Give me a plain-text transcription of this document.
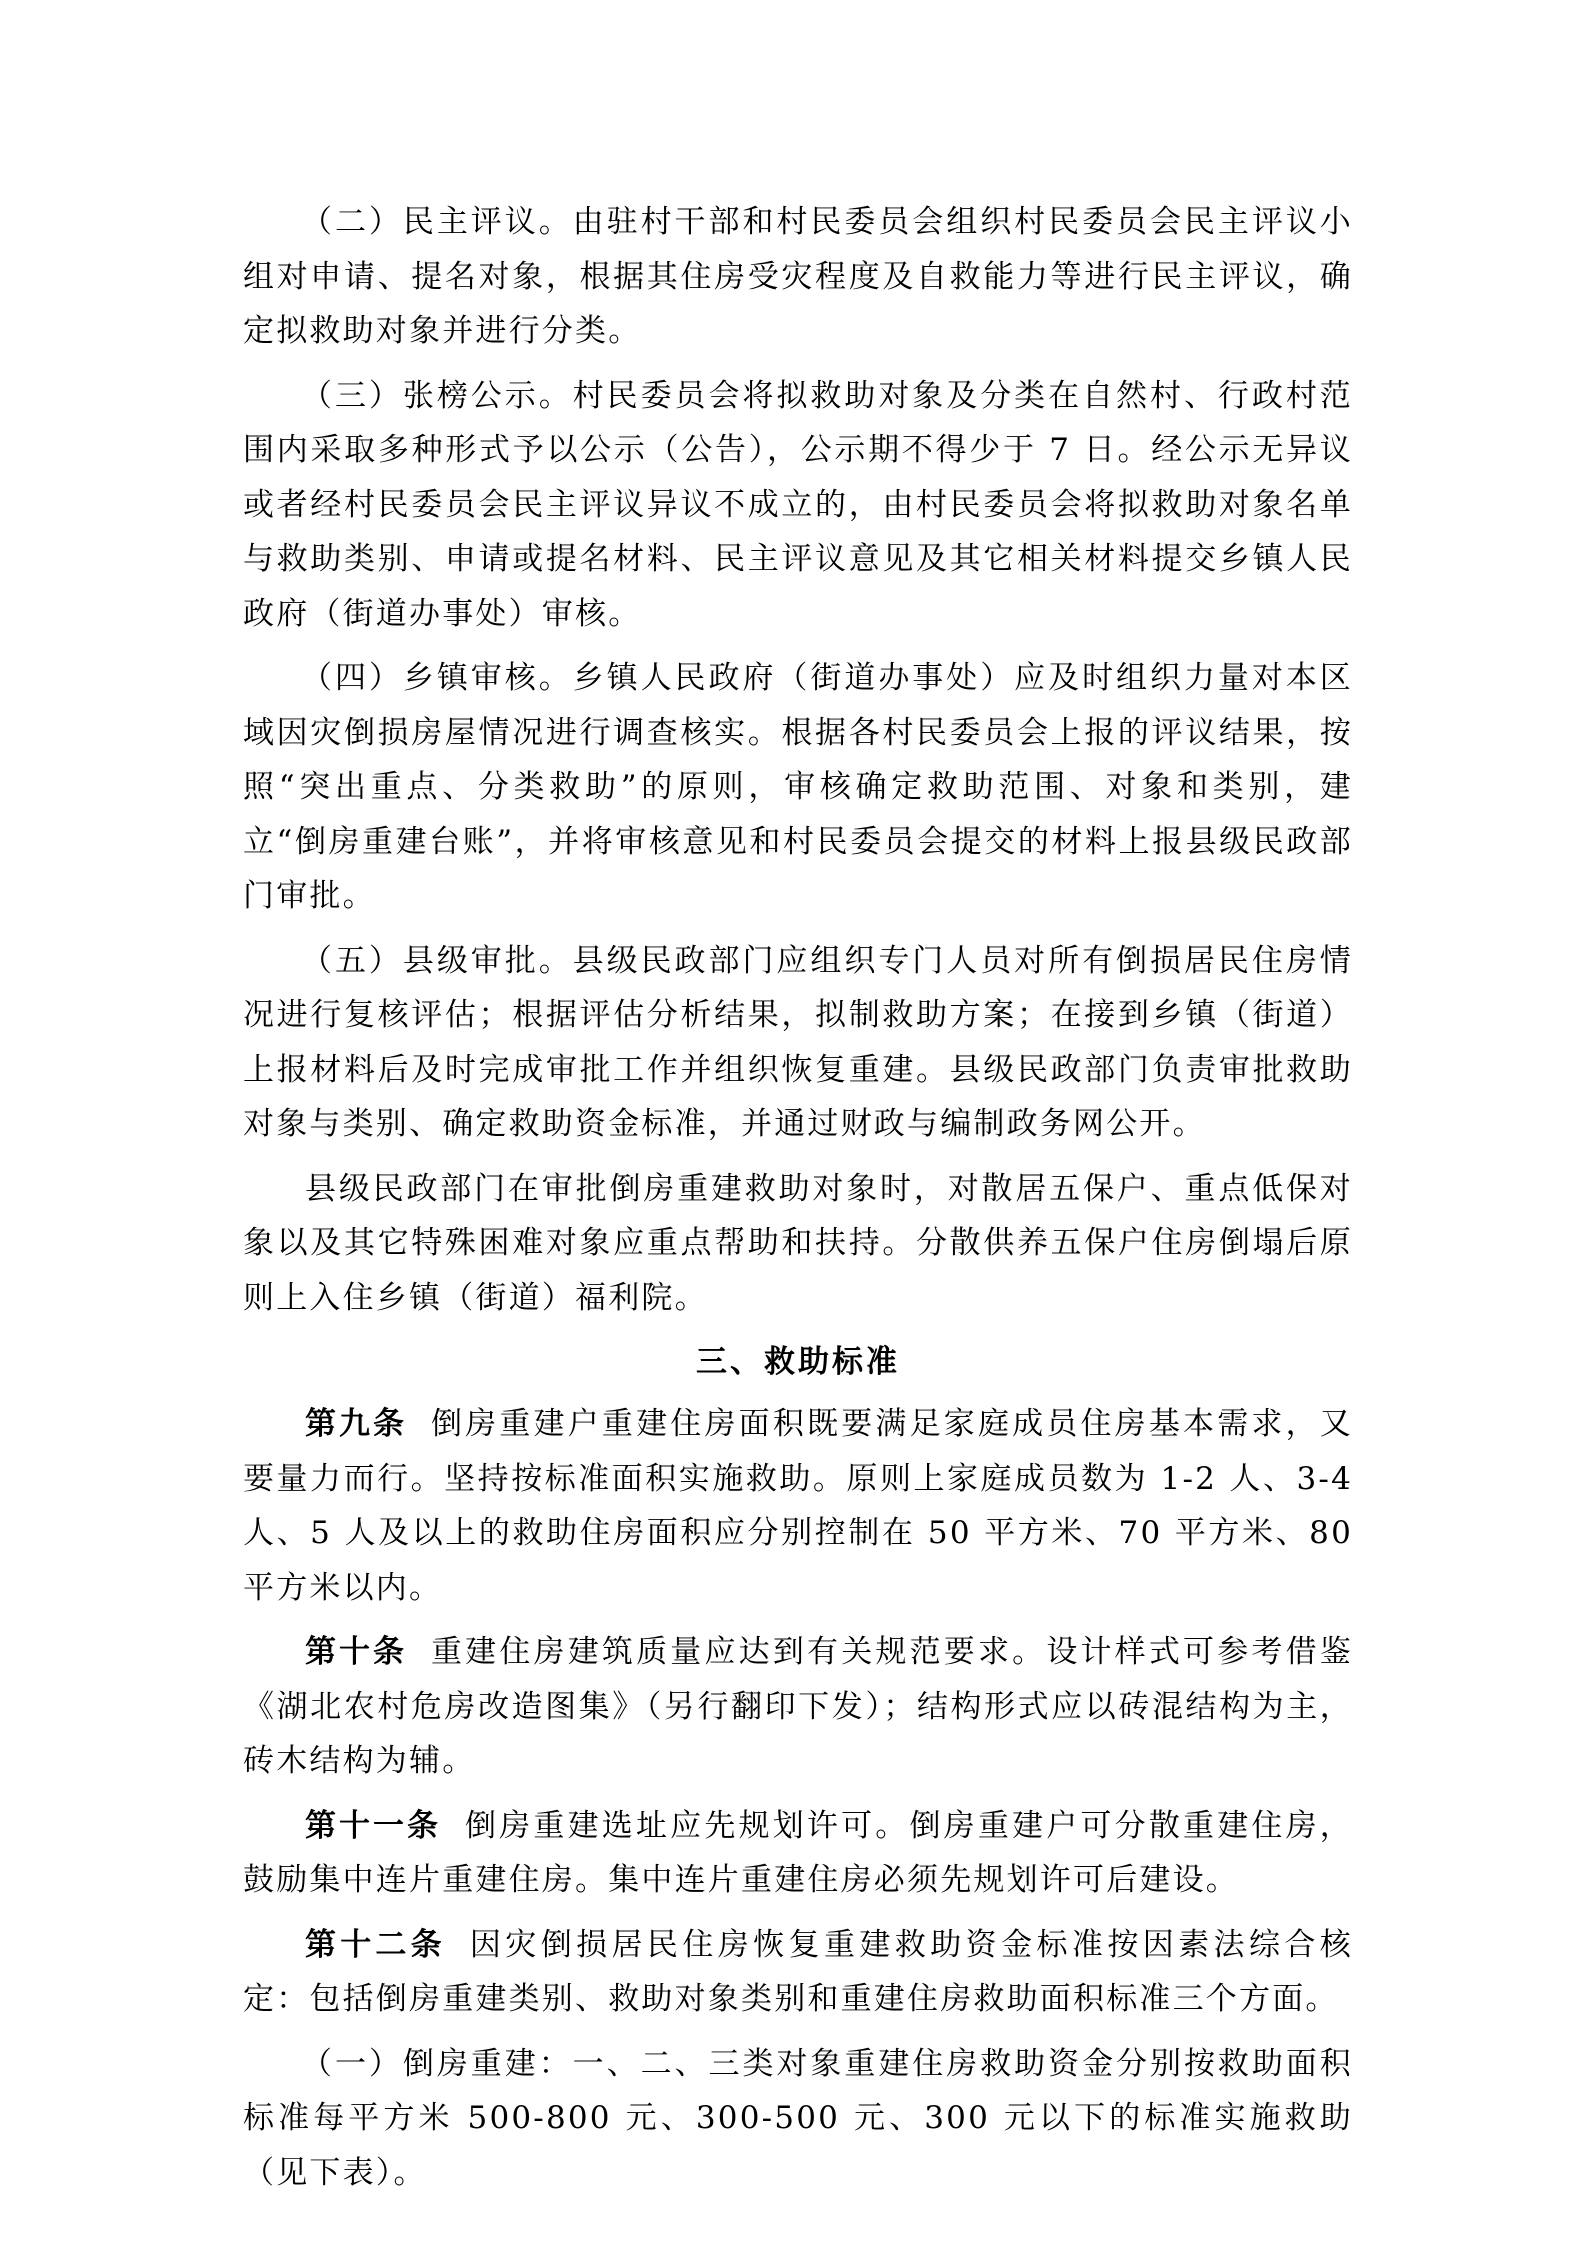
（二）民主评议。由驻村干部和村民委员会组织村民委员会民主评议小组对申请、提名对象，根据其住房受灾程度及自救能力等进行民主评议，确定拟救助对象并进行分类。

（三）张榜公示。村民委员会将拟救助对象及分类在自然村、行政村范围内采取多种形式予以公示（公告），公示期不得少于 7 日。经公示无异议或者经村民委员会民主评议异议不成立的，由村民委员会将拟救助对象名单与救助类别、申请或提名材料、民主评议意见及其它相关材料提交乡镇人民政府（街道办事处）审核。

（四）乡镇审核。乡镇人民政府（街道办事处）应及时组织力量对本区域因灾倒损房屋情况进行调查核实。根据各村民委员会上报的评议结果，按照“突出重点、分类救助”的原则，审核确定救助范围、对象和类别，建立“倒房重建台账”，并将审核意见和村民委员会提交的材料上报县级民政部门审批。

（五）县级审批。县级民政部门应组织专门人员对所有倒损居民住房情况进行复核评估；根据评估分析结果，拟制救助方案；在接到乡镇（街道）上报材料后及时完成审批工作并组织恢复重建。县级民政部门负责审批救助对象与类别、确定救助资金标准，并通过财政与编制政务网公开。

县级民政部门在审批倒房重建救助对象时，对散居五保户、重点低保对象以及其它特殊困难对象应重点帮助和扶持。分散供养五保户住房倒塌后原则上入住乡镇（街道）福利院。

三、救助标准

第九条 倒房重建户重建住房面积既要满足家庭成员住房基本需求，又要量力而行。坚持按标准面积实施救助。原则上家庭成员数为 1-2 人、3-4 人、5 人及以上的救助住房面积应分别控制在 50 平方米、70 平方米、80 平方米以内。

第十条 重建住房建筑质量应达到有关规范要求。设计样式可参考借鉴《湖北农村危房改造图集》（另行翻印下发）；结构形式应以砖混结构为主，砖木结构为辅。

第十一条 倒房重建选址应先规划许可。倒房重建户可分散重建住房，鼓励集中连片重建住房。集中连片重建住房必须先规划许可后建设。

第十二条 因灾倒损居民住房恢复重建救助资金标准按因素法综合核定：包括倒房重建类别、救助对象类别和重建住房救助面积标准三个方面。

（一）倒房重建：一、二、三类对象重建住房救助资金分别按救助面积标准每平方米 500-800 元、300-500 元、300 元以下的标准实施救助（见下表）。
